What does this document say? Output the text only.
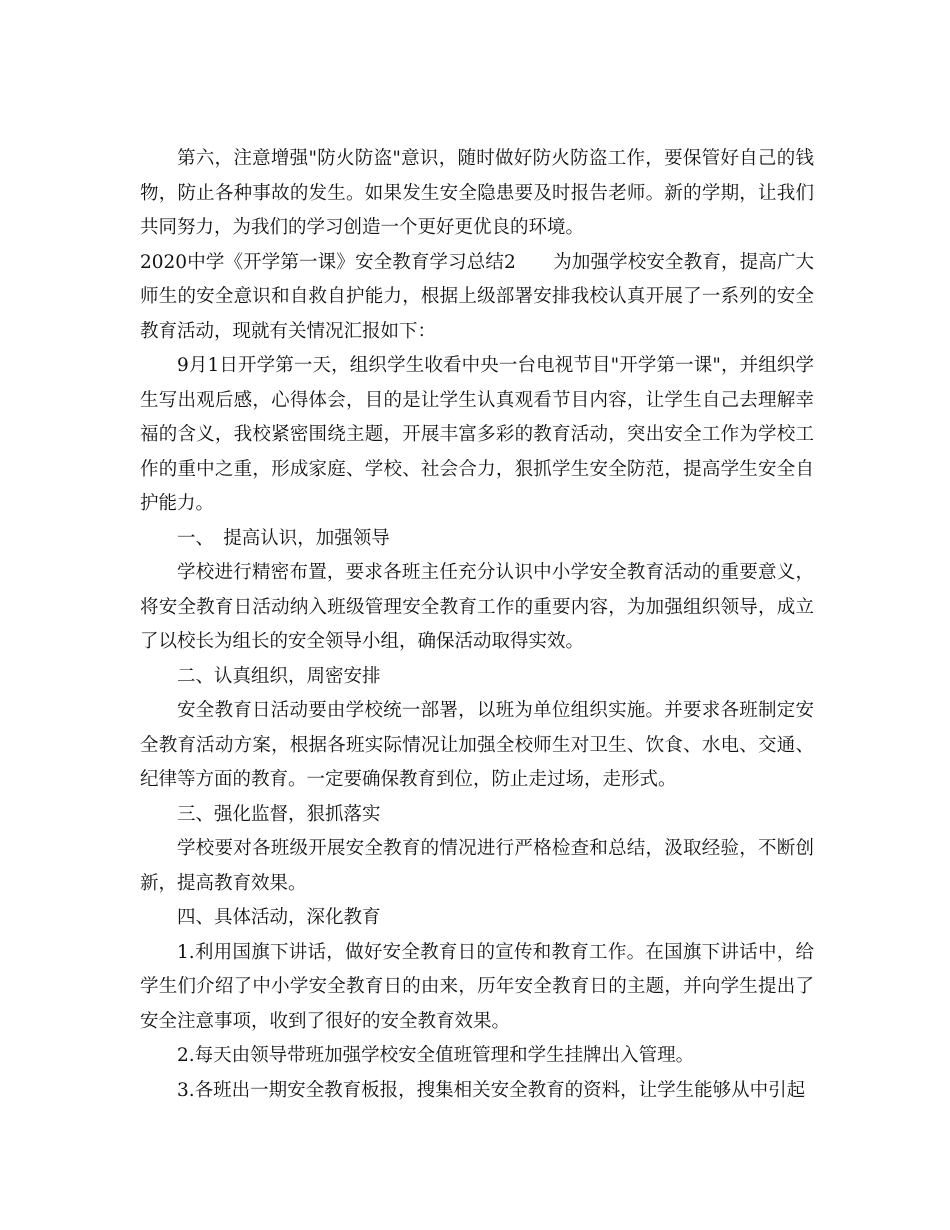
第六，注意增强"防火防盗"意识，随时做好防火防盗工作，要保管好自己的钱物，防止各种事故的发生。如果发生安全隐患要及时报告老师。新的学期，让我们共同努力，为我们的学习创造一个更好更优良的环境。

2020中学《开学第一课》安全教育学习总结2　　为加强学校安全教育，提高广大师生的安全意识和自救自护能力，根据上级部署安排我校认真开展了一系列的安全教育活动，现就有关情况汇报如下：

9月1日开学第一天，组织学生收看中央一台电视节目"开学第一课"，并组织学生写出观后感，心得体会，目的是让学生认真观看节目内容，让学生自己去理解幸福的含义，我校紧密围绕主题，开展丰富多彩的教育活动，突出安全工作为学校工作的重中之重，形成家庭、学校、社会合力，狠抓学生安全防范，提高学生安全自护能力。

一、　提高认识，加强领导

学校进行精密布置，要求各班主任充分认识中小学安全教育活动的重要意义，将安全教育日活动纳入班级管理安全教育工作的重要内容，为加强组织领导，成立了以校长为组长的安全领导小组，确保活动取得实效。

二、认真组织，周密安排

安全教育日活动要由学校统一部署，以班为单位组织实施。并要求各班制定安全教育活动方案，根据各班实际情况让加强全校师生对卫生、饮食、水电、交通、纪律等方面的教育。一定要确保教育到位，防止走过场，走形式。

三、强化监督，狠抓落实

学校要对各班级开展安全教育的情况进行严格检查和总结，汲取经验，不断创新，提高教育效果。

四、具体活动，深化教育

1.利用国旗下讲话，做好安全教育日的宣传和教育工作。在国旗下讲话中，给学生们介绍了中小学安全教育日的由来，历年安全教育日的主题，并向学生提出了安全注意事项，收到了很好的安全教育效果。

2.每天由领导带班加强学校安全值班管理和学生挂牌出入管理。

3.各班出一期安全教育板报，搜集相关安全教育的资料，让学生能够从中引起
